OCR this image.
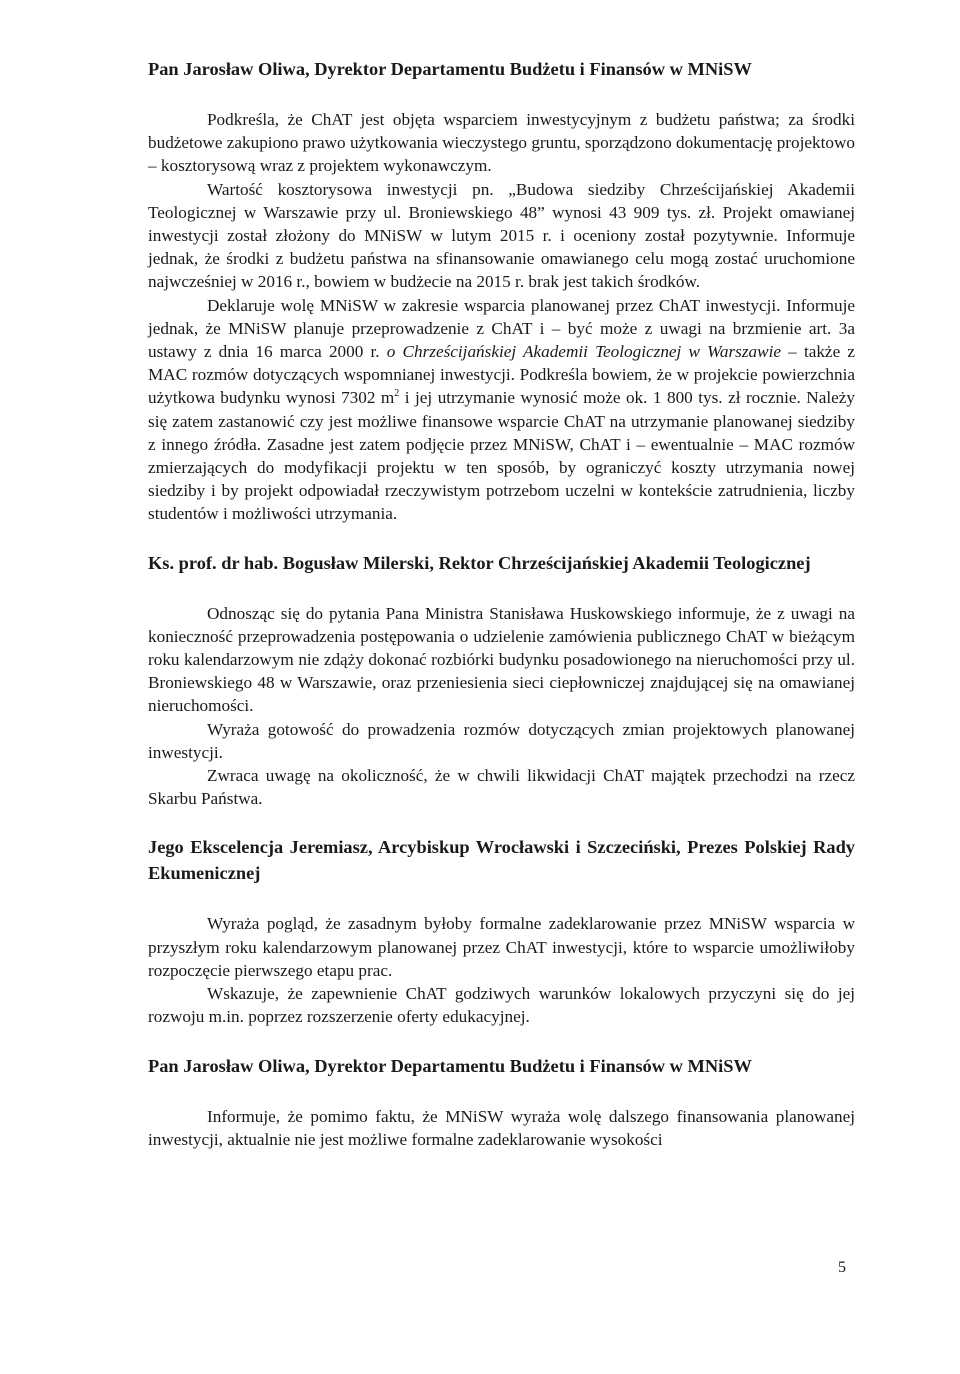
Pan Jarosław Oliwa, Dyrektor Departamentu Budżetu i Finansów w MNiSW

Podkreśla, że ChAT jest objęta wsparciem inwestycyjnym z budżetu państwa; za środki budżetowe zakupiono prawo użytkowania wieczystego gruntu, sporządzono dokumentację projektowo – kosztorysową wraz z projektem wykonawczym.

Wartość kosztorysowa inwestycji pn. „Budowa siedziby Chrześcijańskiej Akademii Teologicznej w Warszawie przy ul. Broniewskiego 48” wynosi 43 909 tys. zł. Projekt omawianej inwestycji został złożony do MNiSW w lutym 2015 r. i oceniony został pozytywnie. Informuje jednak, że środki z budżetu państwa na sfinansowanie omawianego celu mogą zostać uruchomione najwcześniej w 2016 r., bowiem w budżecie na 2015 r. brak jest takich środków.

Deklaruje wolę MNiSW w zakresie wsparcia planowanej przez ChAT inwestycji. Informuje jednak, że MNiSW planuje przeprowadzenie z ChAT i – być może z uwagi na brzmienie art. 3a ustawy z dnia 16 marca 2000 r. o Chrześcijańskiej Akademii Teologicznej w Warszawie – także z MAC rozmów dotyczących wspomnianej inwestycji. Podkreśla bowiem, że w projekcie powierzchnia użytkowa budynku wynosi 7302 $m^2$ i jej utrzymanie wynosić może ok. 1 800 tys. zł rocznie. Należy się zatem zastanowić czy jest możliwe finansowe wsparcie ChAT na utrzymanie planowanej siedziby z innego źródła. Zasadne jest zatem podjęcie przez MNiSW, ChAT i – ewentualnie – MAC rozmów zmierzających do modyfikacji projektu w ten sposób, by ograniczyć koszty utrzymania nowej siedziby i by projekt odpowiadał rzeczywistym potrzebom uczelni w kontekście zatrudnienia, liczby studentów i możliwości utrzymania.

Ks. prof. dr hab. Bogusław Milerski, Rektor Chrześcijańskiej Akademii Teologicznej

Odnosząc się do pytania Pana Ministra Stanisława Huskowskiego informuje, że z uwagi na konieczność przeprowadzenia postępowania o udzielenie zamówienia publicznego ChAT w bieżącym roku kalendarzowym nie zdąży dokonać rozbiórki budynku posadowionego na nieruchomości przy ul. Broniewskiego 48 w Warszawie, oraz przeniesienia sieci ciepłowniczej znajdującej się na omawianej nieruchomości.

Wyraża gotowość do prowadzenia rozmów dotyczących zmian projektowych planowanej inwestycji.

Zwraca uwagę na okoliczność, że w chwili likwidacji ChAT majątek przechodzi na rzecz Skarbu Państwa.

Jego Ekscelencja Jeremiasz, Arcybiskup Wrocławski i Szczeciński, Prezes Polskiej Rady Ekumenicznej

Wyraża pogląd, że zasadnym byłoby formalne zadeklarowanie przez MNiSW wsparcia w przyszłym roku kalendarzowym planowanej przez ChAT inwestycji, które to wsparcie umożliwiłoby rozpoczęcie pierwszego etapu prac.

Wskazuje, że zapewnienie ChAT godziwych warunków lokalowych przyczyni się do jej rozwoju m.in. poprzez rozszerzenie oferty edukacyjnej.

Pan Jarosław Oliwa, Dyrektor Departamentu Budżetu i Finansów w MNiSW

Informuje, że pomimo faktu, że MNiSW wyraża wolę dalszego finansowania planowanej inwestycji, aktualnie nie jest możliwe formalne zadeklarowanie wysokości

5
